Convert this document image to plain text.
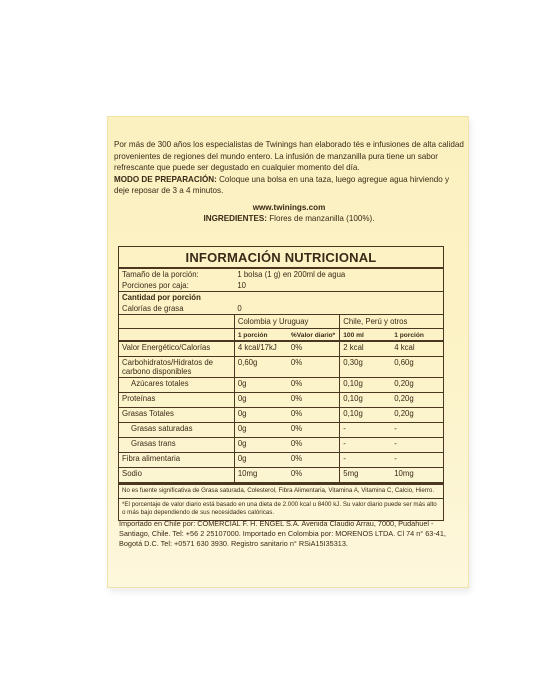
Por más de 300 años los especialistas de Twinings han elaborado tés e infusiones de alta calidad provenientes de regiones del mundo entero. La infusión de manzanilla pura tiene un sabor refrescante que puede ser degustado en cualquier momento del día.

MODO DE PREPARACIÓN: Coloque una bolsa en una taza, luego agregue agua hirviendo y deje reposar de 3 a 4 minutos.

www.twinings.com

INGREDIENTES: Flores de manzanilla (100%).

INFORMACIÓN NUTRICIONAL
Tamaño de la porción:	1 bolsa (1 g) en 200ml de agua			
Porciones por caja:	10			
Cantidad por porción				
Calorías de grasa	0			
	Colombia y Uruguay		Chile, Perú y otros	
	1 porción	%Valor diario*	100 ml	1 porción
Valor Energético/Calorías	4 kcal/17kJ	0%	2 kcal	4 kcal
Carbohidratos/Hidratos de carbono disponibles	0,60g	0%	0,30g	0,60g
Azúcares totales	0g	0%	0,10g	0,20g
Proteínas	0g	0%	0,10g	0,20g
Grasas Totales	0g	0%	0,10g	0,20g
Grasas saturadas	0g	0%	-	-
Grasas trans	0g	0%	-	-
Fibra alimentaria	0g	0%	-	-
Sodio	10mg	0%	5mg	10mg
No es fuente significativa de Grasa saturada, Colesterol, Fibra Alimentaria, Vitamina A, Vitamina C, Calcio, Hierro.
*El porcentaje de valor diario está basado en una dieta de 2.000 kcal u 8400 kJ. Su valor diario puede ser más alto o más bajo dependiendo de sus necesidades calóricas.
Importado en Chile por: COMERCIAL F. H. ENGEL S.A. Avenida Claudio Arrau, 7000, Pudahuel - Santiago, Chile. Tel: +56 2 25107000. Importado en Colombia por: MORENOS LTDA. Cl 74 n° 63-41, Bogotá D.C. Tel: +0571 630 3930. Registro sanitario n° RSiA15I35313.
